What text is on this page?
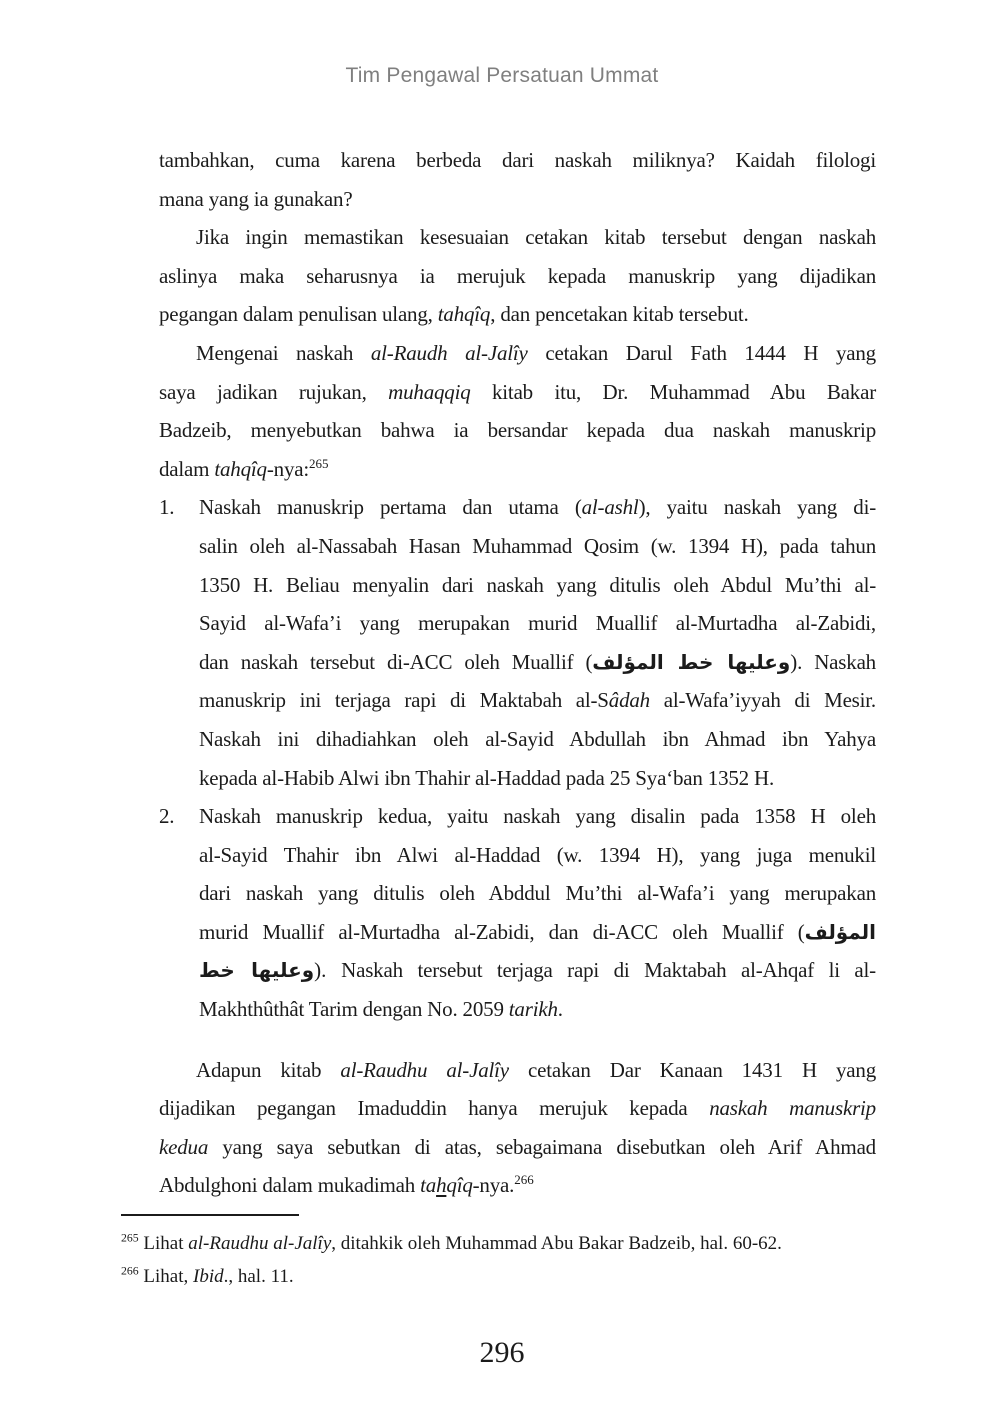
Tim Pengawal Persatuan Ummat
tambahkan, cuma karena berbeda dari naskah miliknya? Kaidah filologi
mana yang ia gunakan?
Jika ingin memastikan kesesuaian cetakan kitab tersebut dengan naskah
aslinya maka seharusnya ia merujuk kepada manuskrip yang dijadikan
pegangan dalam penulisan ulang, tahqîq, dan pencetakan kitab tersebut.
Mengenai naskah al-Raudh al-Jalîy cetakan Darul Fath 1444 H yang
saya jadikan rujukan, muhaqqiq kitab itu, Dr. Muhammad Abu Bakar
Badzeib, menyebutkan bahwa ia bersandar kepada dua naskah manuskrip
dalam tahqîq-nya:$^{265}$
1.	Naskah manuskrip pertama dan utama (al-ashl), yaitu naskah yang di-
salin oleh al-Nassabah Hasan Muhammad Qosim (w. 1394 H), pada tahun
1350 H. Beliau menyalin dari naskah yang ditulis oleh Abdul Mu’thi al-
Sayid al-Wafa’i yang merupakan murid Muallif al-Murtadha al-Zabidi,
dan naskah tersebut di-ACC oleh Muallif (وعليها خط المؤلف). Naskah
manuskrip ini terjaga rapi di Maktabah al-Sâdah al-Wafa’iyyah di Mesir.
Naskah ini dihadiahkan oleh al-Sayid Abdullah ibn Ahmad ibn Yahya
kepada al-Habib Alwi ibn Thahir al-Haddad pada 25 Sya‘ban 1352 H.
2.	Naskah manuskrip kedua, yaitu naskah yang disalin pada 1358 H oleh
al-Sayid Thahir ibn Alwi al-Haddad (w. 1394 H), yang juga menukil
dari naskah yang ditulis oleh Abddul Mu’thi al-Wafa’i yang merupakan
murid Muallif al-Murtadha al-Zabidi, dan di-ACC oleh Muallif (المؤلف
وعليها خط). Naskah tersebut terjaga rapi di Maktabah al-Ahqaf li al-
Makhthûthât Tarim dengan No. 2059 tarikh.
Adapun kitab al-Raudhu al-Jalîy cetakan Dar Kanaan 1431 H yang
dijadikan pegangan Imaduddin hanya merujuk kepada naskah manuskrip
kedua yang saya sebutkan di atas, sebagaimana disebutkan oleh Arif Ahmad
Abdulghoni dalam mukadimah tahqîq-nya.$^{266}$
$^{265}$ Lihat al-Raudhu al-Jalîy, ditahkik oleh Muhammad Abu Bakar Badzeib, hal. 60-62.
$^{266}$ Lihat, Ibid., hal. 11.
296
